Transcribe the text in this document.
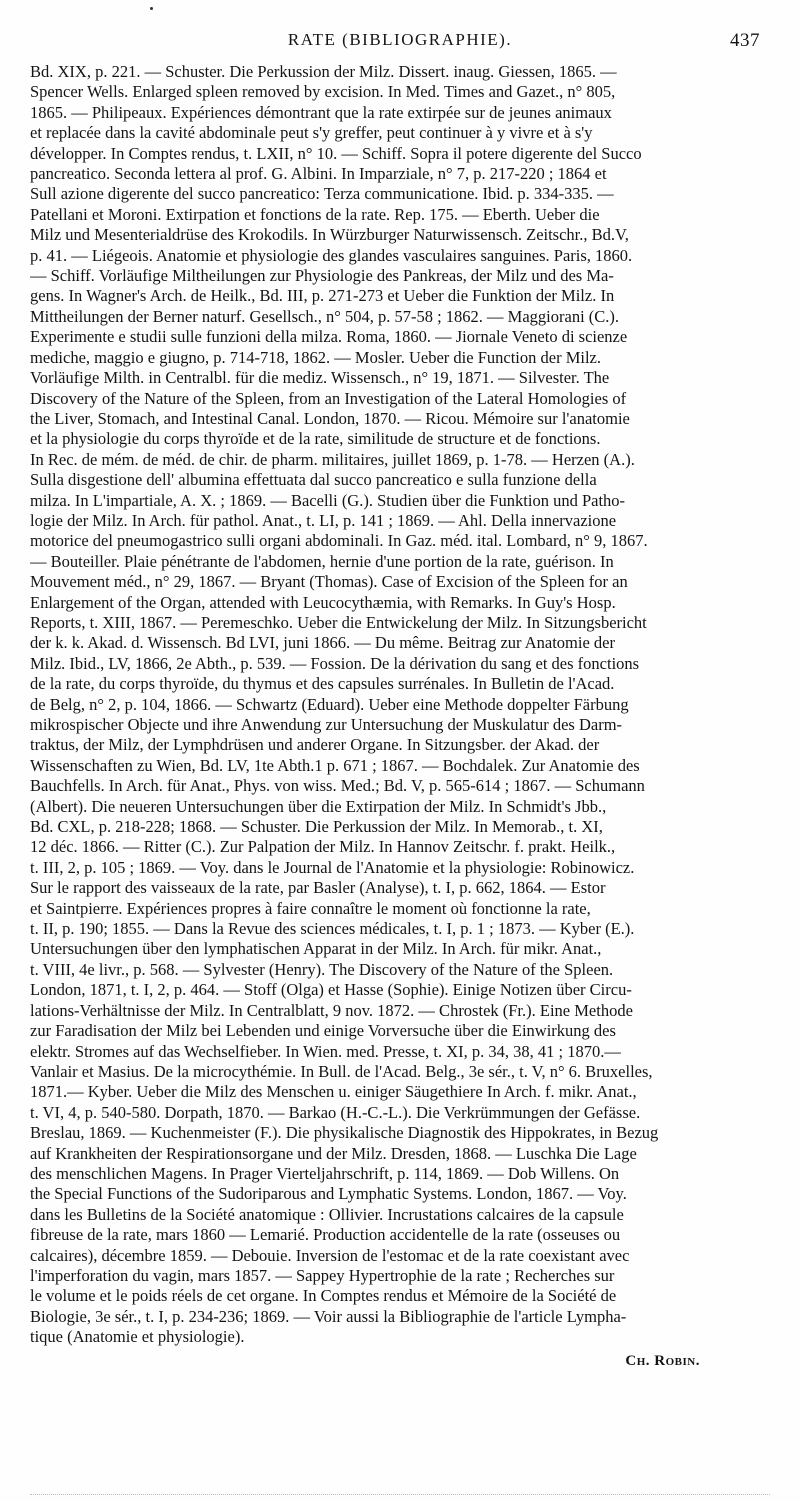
RATE (BIBLIOGRAPHIE).	437
Bd. XIX, p. 221. — Schuster. Die Perkussion der Milz. Dissert. inaug. Giessen, 1865. —
Spencer Wells. Enlarged spleen removed by excision. In Med. Times and Gazet., n° 805,
1865. — Philipeaux. Expériences démontrant que la rate extirpée sur de jeunes animaux
et replacée dans la cavité abdominale peut s'y greffer, peut continuer à y vivre et à s'y
développer. In Comptes rendus, t. LXII, n° 10. — Schiff. Sopra il potere digerente del Succo
pancreatico. Seconda lettera al prof. G. Albini. In Imparziale, n° 7, p. 217-220 ; 1864 et
Sull azione digerente del succo pancreatico: Terza communicatione. Ibid. p. 334-335. —
Patellani et Moroni. Extirpation et fonctions de la rate. Rep. 175. — Eberth. Ueber die
Milz und Mesenterialdrüse des Krokodils. In Würzburger Naturwissensch. Zeitschr., Bd.V,
p. 41. — Liégeois. Anatomie et physiologie des glandes vasculaires sanguines. Paris, 1860.
— Schiff. Vorläufige Miltheilungen zur Physiologie des Pankreas, der Milz und des Ma-
gens. In Wagner's Arch. de Heilk., Bd. III, p. 271-273 et Ueber die Funktion der Milz. In
Mittheilungen der Berner naturf. Gesellsch., n° 504, p. 57-58 ; 1862. — Maggiorani (C.).
Experimente e studii sulle funzioni della milza. Roma, 1860. — Jiornale Veneto di scienze
mediche, maggio e giugno, p. 714-718, 1862. — Mosler. Ueber die Function der Milz.
Vorläufige Milth. in Centralbl. für die mediz. Wissensch., n° 19, 1871. — Silvester. The
Discovery of the Nature of the Spleen, from an Investigation of the Lateral Homologies of
the Liver, Stomach, and Intestinal Canal. London, 1870. — Ricou. Mémoire sur l'anatomie
et la physiologie du corps thyroïde et de la rate, similitude de structure et de fonctions.
In Rec. de mém. de méd. de chir. de pharm. militaires, juillet 1869, p. 1-78. — Herzen (A.).
Sulla disgestione dell' albumina effettuata dal succo pancreatico e sulla funzione della
milza. In L'impartiale, A. X. ; 1869. — Bacelli (G.). Studien über die Funktion und Patho-
logie der Milz. In Arch. für pathol. Anat., t. LI, p. 141 ; 1869. — Ahl. Della innervazione
motorice del pneumogastrico sulli organi abdominali. In Gaz. méd. ital. Lombard, n° 9, 1867.
— Bouteiller. Plaie pénétrante de l'abdomen, hernie d'une portion de la rate, guérison. In
Mouvement méd., n° 29, 1867. — Bryant (Thomas). Case of Excision of the Spleen for an
Enlargement of the Organ, attended with Leucocythæmia, with Remarks. In Guy's Hosp.
Reports, t. XIII, 1867. — Peremeschko. Ueber die Entwickelung der Milz. In Sitzungsbericht
der k. k. Akad. d. Wissensch. Bd LVI, juni 1866. — Du même. Beitrag zur Anatomie der
Milz. Ibid., LV, 1866, 2e Abth., p. 539. — Fossion. De la dérivation du sang et des fonctions
de la rate, du corps thyroïde, du thymus et des capsules surrénales. In Bulletin de l'Acad.
de Belg, n° 2, p. 104, 1866. — Schwartz (Eduard). Ueber eine Methode doppelter Färbung
mikrospischer Objecte und ihre Anwendung zur Untersuchung der Muskulatur des Darm-
traktus, der Milz, der Lymphdrüsen und anderer Organe. In Sitzungsber. der Akad. der
Wissenschaften zu Wien, Bd. LV, 1te Abth.1 p. 671 ; 1867. — Bochdalek. Zur Anatomie des
Bauchfells. In Arch. für Anat., Phys. von wiss. Med.; Bd. V, p. 565-614 ; 1867. — Schumann
(Albert). Die neueren Untersuchungen über die Extirpation der Milz. In Schmidt's Jbb.,
Bd. CXL, p. 218-228; 1868. — Schuster. Die Perkussion der Milz. In Memorab., t. XI,
12 déc. 1866. — Ritter (C.). Zur Palpation der Milz. In Hannov Zeitschr. f. prakt. Heilk.,
t. III, 2, p. 105 ; 1869. — Voy. dans le Journal de l'Anatomie et la physiologie: Robinowicz.
Sur le rapport des vaisseaux de la rate, par Basler (Analyse), t. I, p. 662, 1864. — Estor
et Saintpierre. Expériences propres à faire connaître le moment où fonctionne la rate,
t. II, p. 190; 1855. — Dans la Revue des sciences médicales, t. I, p. 1 ; 1873. — Kyber (E.).
Untersuchungen über den lymphatischen Apparat in der Milz. In Arch. für mikr. Anat.,
t. VIII, 4e livr., p. 568. — Sylvester (Henry). The Discovery of the Nature of the Spleen.
London, 1871, t. I, 2, p. 464. — Stoff (Olga) et Hasse (Sophie). Einige Notizen über Circu-
lations-Verhältnisse der Milz. In Centralblatt, 9 nov. 1872. — Chrostek (Fr.). Eine Methode
zur Faradisation der Milz bei Lebenden und einige Vorversuche über die Einwirkung des
elektr. Stromes auf das Wechselfieber. In Wien. med. Presse, t. XI, p. 34, 38, 41 ; 1870.—
Vanlair et Masius. De la microcythémie. In Bull. de l'Acad. Belg., 3e sér., t. V, n° 6. Bruxelles,
1871.— Kyber. Ueber die Milz des Menschen u. einiger Säugethiere In Arch. f. mikr. Anat.,
t. VI, 4, p. 540-580. Dorpath, 1870. — Barkao (H.-C.-L.). Die Verkrümmungen der Gefässe.
Breslau, 1869. — Kuchenmeister (F.). Die physikalische Diagnostik des Hippokrates, in Bezug
auf Krankheiten der Respirationsorgane und der Milz. Dresden, 1868. — Luschka Die Lage
des menschlichen Magens. In Prager Vierteljahrschrift, p. 114, 1869. — Dob Willens. On
the Special Functions of the Sudoriparous and Lymphatic Systems. London, 1867. — Voy.
dans les Bulletins de la Société anatomique : Ollivier. Incrustations calcaires de la capsule
fibreuse de la rate, mars 1860 — Lemarié. Production accidentelle de la rate (osseuses ou
calcaires), décembre 1859. — Debouie. Inversion de l'estomac et de la rate coexistant avec
l'imperforation du vagin, mars 1857. — Sappey Hypertrophie de la rate ; Recherches sur
le volume et le poids réels de cet organe. In Comptes rendus et Mémoire de la Société de
Biologie, 3e sér., t. I, p. 234-236; 1869. — Voir aussi la Bibliographie de l'article Lympha-
tique (Anatomie et physiologie).
Ch. Robin.
